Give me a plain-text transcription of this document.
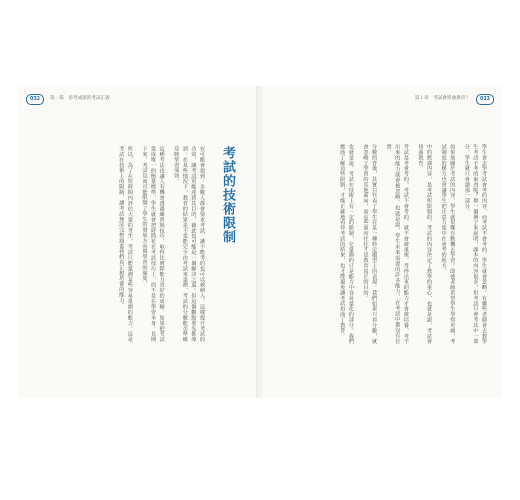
032	第一篇　思考成就的考試正義
考試的技術限制

在可能會提到：多數人都會要求考試，讓不能考的也可以被納入。這樣提升考試的功效，讓考試更能達到其目的，藉此也可能是一個解決之道。但這個觀點要先推導到：在某些情況下，教育的結果是不是能完全由考試來量測，考試的分數能否準確反映學習成效。

這種考法也讓人有機會透過練習與技巧，取得比實際能力更好的成績。如果把考試當成唯一的衡量標準，學生就會把時間花在考試技巧上，而不是在學習本身。長期下來，考試反而可能限制了學生的發展方向與學習的廣度。

所以，為了在短時間內評估大量的考生，考試只能量測某些容易量測的能力。這是考試在技術上的限制，讓考試無法完整涵蓋我們真正想培養的能力。

第１章　考試會扭曲教育？	033

學生會去學考試會考的內容，而考試不會考的，學生就會忽略。有哪些老師會去教學生考試不考的東西呢？舉一個例子來說明，課本的內容很多，但考試只會考其中一部分，學生就只會讀那一部分。

如果無關於考試的內容，學生就很難有動機去學習。即使老師希望學生學得更廣，考試制度的壓力也會讓學生把注意力集中在會考的地方。

中的舊課內容，是考試所限制的。考試的內容決定了教學的重心，也就是說，考試會扭曲教育。

考試是考會考的，考試不會考的，就不會被重視。考得出來的能力才會被培養，考不出來的能力就會被忽略。也就是說，學生未來需要的許多能力，在考試中都沒有位置。

分數的背後，其實只代表了學生在某一種特定題型上的表現。我們如果只看分數，就會忽略了學習的其他面向，而這些面向往往才是教育真正的目的。

也就是說，考試在技術上有一定的限制，它量測的只是能力中容易量化的部分。我們應該了解這些限制，才能正確地看待考試的結果，也才能避免讓考試扭曲了教育。
